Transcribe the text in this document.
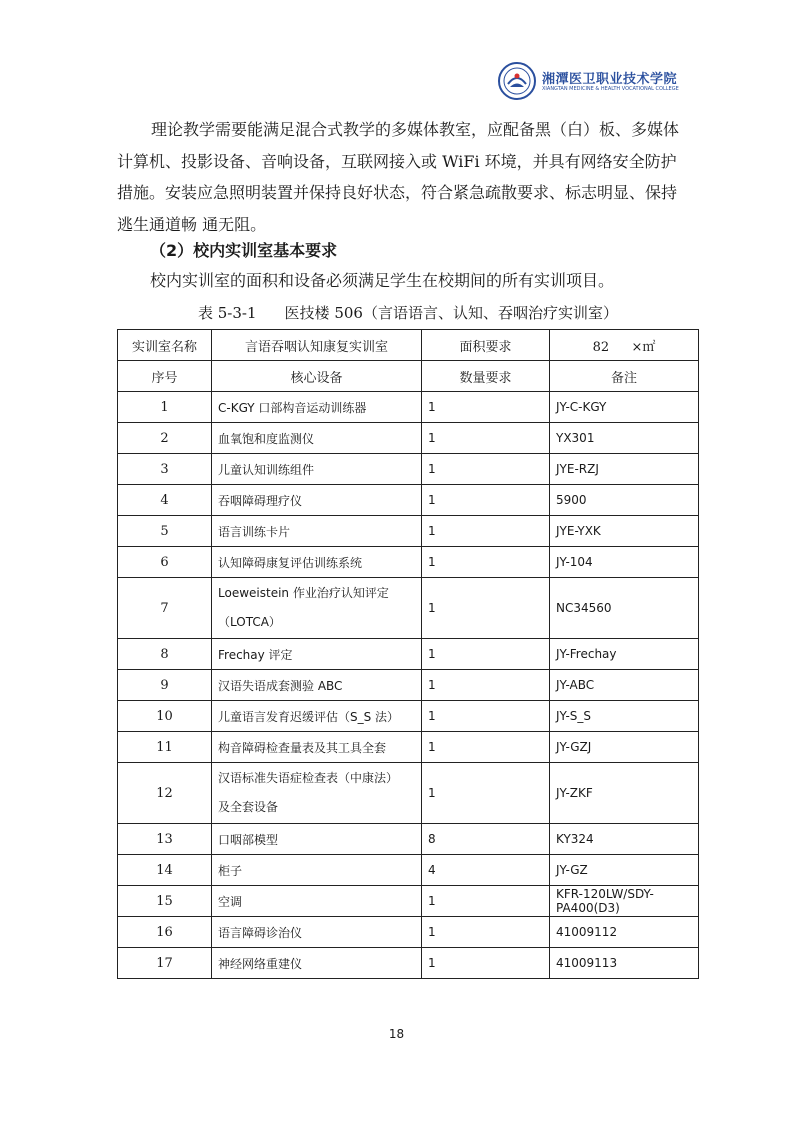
湘潭医卫职业技术学院
XIANGTAN MEDICINE & HEALTH VOCATIONAL COLLEGE

理论教学需要能满足混合式教学的多媒体教室，应配备黑（白）板、多媒体计算机、投影设备、音响设备，互联网接入或 WiFi 环境，并具有网络安全防护措施。安装应急照明装置并保持良好状态，符合紧急疏散要求、标志明显、保持逃生通道畅 通无阻。

（2）校内实训室基本要求
校内实训室的面积和设备必须满足学生在校期间的所有实训项目。
表 5-3-1 医技楼 506（言语语言、认知、吞咽治疗实训室）
实训室名称	言语吞咽认知康复实训室	面积要求	82 ×㎡
序号	核心设备	数量要求	备注
1	C-KGY 口部构音运动训练器	1	JY-C-KGY
2	血氧饱和度监测仪	1	YX301
3	儿童认知训练组件	1	JYE-RZJ
4	吞咽障碍理疗仪	1	5900
5	语言训练卡片	1	JYE-YXK
6	认知障碍康复评估训练系统	1	JY-104
7	Loeweistein 作业治疗认知评定
（LOTCA）	1	NC34560
8	Frechay 评定	1	JY-Frechay
9	汉语失语成套测验 ABC	1	JY-ABC
10	儿童语言发育迟缓评估（S_S 法）	1	JY-S_S
11	构音障碍检查量表及其工具全套	1	JY-GZJ
12	汉语标准失语症检查表（中康法）
及全套设备	1	JY-ZKF
13	口咽部模型	8	KY324
14	柜子	4	JY-GZ
15	空调	1	KFR-120LW/SDY-PA400(D3)
16	语言障碍诊治仪	1	41009112
17	神经网络重建仪	1	41009113
18
